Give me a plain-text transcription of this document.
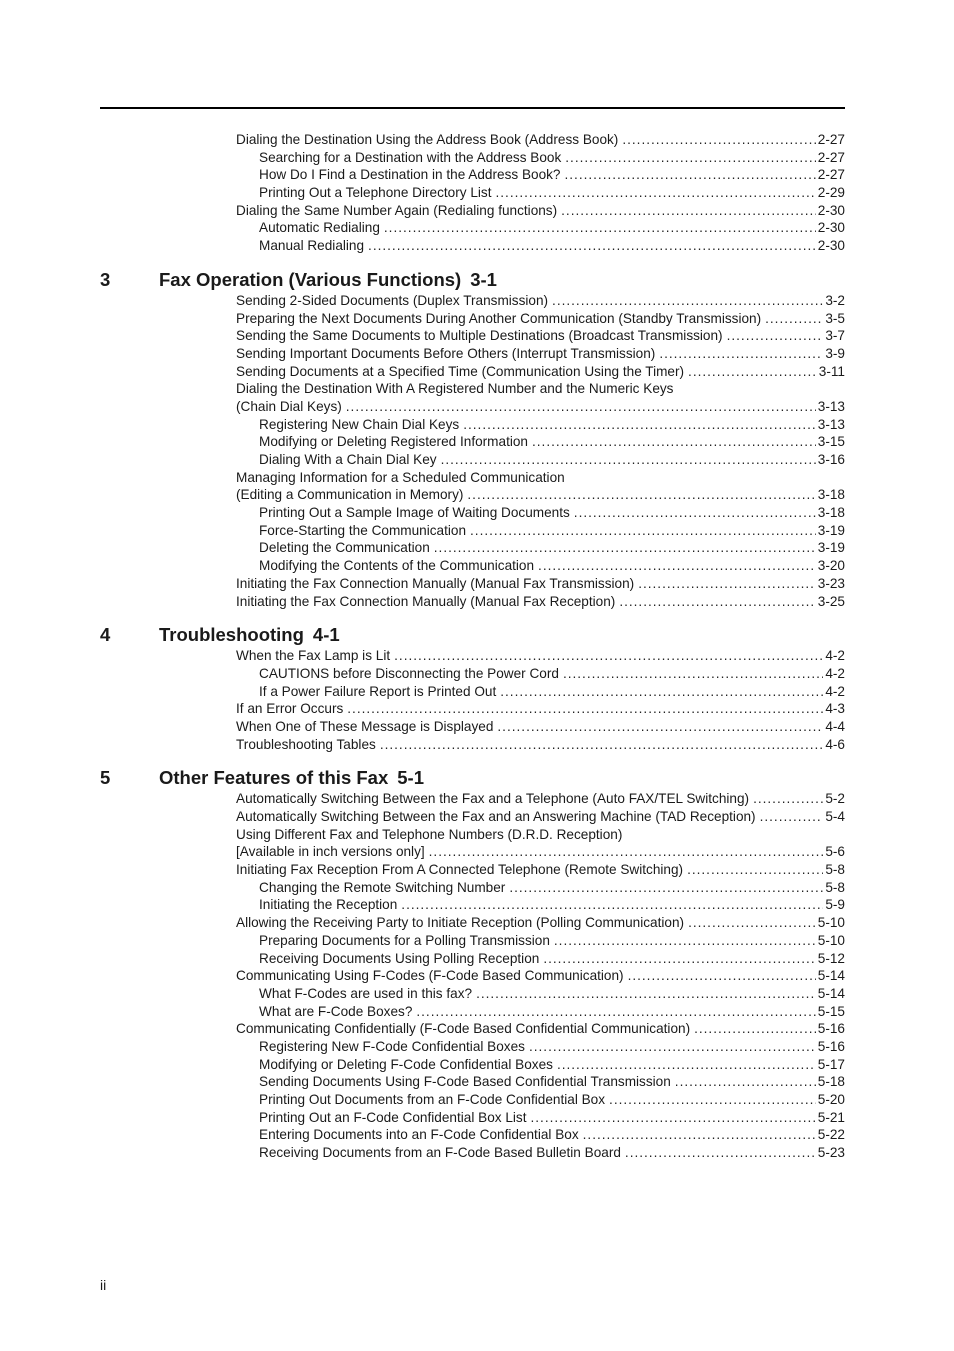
Dialing the Destination Using the Address Book (Address Book) .....	2-27
Searching for a Destination with the Address Book .....	2-27
How Do I Find a Destination in the Address Book? .....	2-27
Printing Out a Telephone Directory List .....	2-29
Dialing the Same Number Again (Redialing functions) .....	2-30
Automatic Redialing .....	2-30
Manual Redialing .....	2-30
3	Fax Operation (Various Functions) 3-1
Sending 2-Sided Documents (Duplex Transmission) .....	3-2
Preparing the Next Documents During Another Communication (Standby Transmission) .....	3-5
Sending the Same Documents to Multiple Destinations (Broadcast Transmission) .....	3-7
Sending Important Documents Before Others (Interrupt Transmission) .....	3-9
Sending Documents at a Specified Time (Communication Using the Timer) .....	3-11
Dialing the Destination With A Registered Number and the Numeric Keys
(Chain Dial Keys) .....	3-13
Registering New Chain Dial Keys .....	3-13
Modifying or Deleting Registered Information .....	3-15
Dialing With a Chain Dial Key .....	3-16
Managing Information for a Scheduled Communication
(Editing a Communication in Memory) .....	3-18
Printing Out a Sample Image of Waiting Documents .....	3-18
Force-Starting the Communication .....	3-19
Deleting the Communication .....	3-19
Modifying the Contents of the Communication .....	3-20
Initiating the Fax Connection Manually (Manual Fax Transmission) .....	3-23
Initiating the Fax Connection Manually (Manual Fax Reception) .....	3-25
4	Troubleshooting 4-1
When the Fax Lamp is Lit .....	4-2
CAUTIONS before Disconnecting the Power Cord .....	4-2
If a Power Failure Report is Printed Out .....	4-2
If an Error Occurs .....	4-3
When One of These Message is Displayed .....	4-4
Troubleshooting Tables .....	4-6
5	Other Features of this Fax 5-1
Automatically Switching Between the Fax and a Telephone (Auto FAX/TEL Switching) .....	5-2
Automatically Switching Between the Fax and an Answering Machine (TAD Reception) .....	5-4
Using Different Fax and Telephone Numbers (D.R.D. Reception)
[Available in inch versions only] .....	5-6
Initiating Fax Reception From A Connected Telephone (Remote Switching) .....	5-8
Changing the Remote Switching Number .....	5-8
Initiating the Reception .....	5-9
Allowing the Receiving Party to Initiate Reception (Polling Communication) .....	5-10
Preparing Documents for a Polling Transmission .....	5-10
Receiving Documents Using Polling Reception .....	5-12
Communicating Using F-Codes (F-Code Based Communication) .....	5-14
What F-Codes are used in this fax? .....	5-14
What are F-Code Boxes? .....	5-15
Communicating Confidentially (F-Code Based Confidential Communication) .....	5-16
Registering New F-Code Confidential Boxes .....	5-16
Modifying or Deleting F-Code Confidential Boxes .....	5-17
Sending Documents Using F-Code Based Confidential Transmission .....	5-18
Printing Out Documents from an F-Code Confidential Box .....	5-20
Printing Out an F-Code Confidential Box List .....	5-21
Entering Documents into an F-Code Confidential Box .....	5-22
Receiving Documents from an F-Code Based Bulletin Board .....	5-23
ii
